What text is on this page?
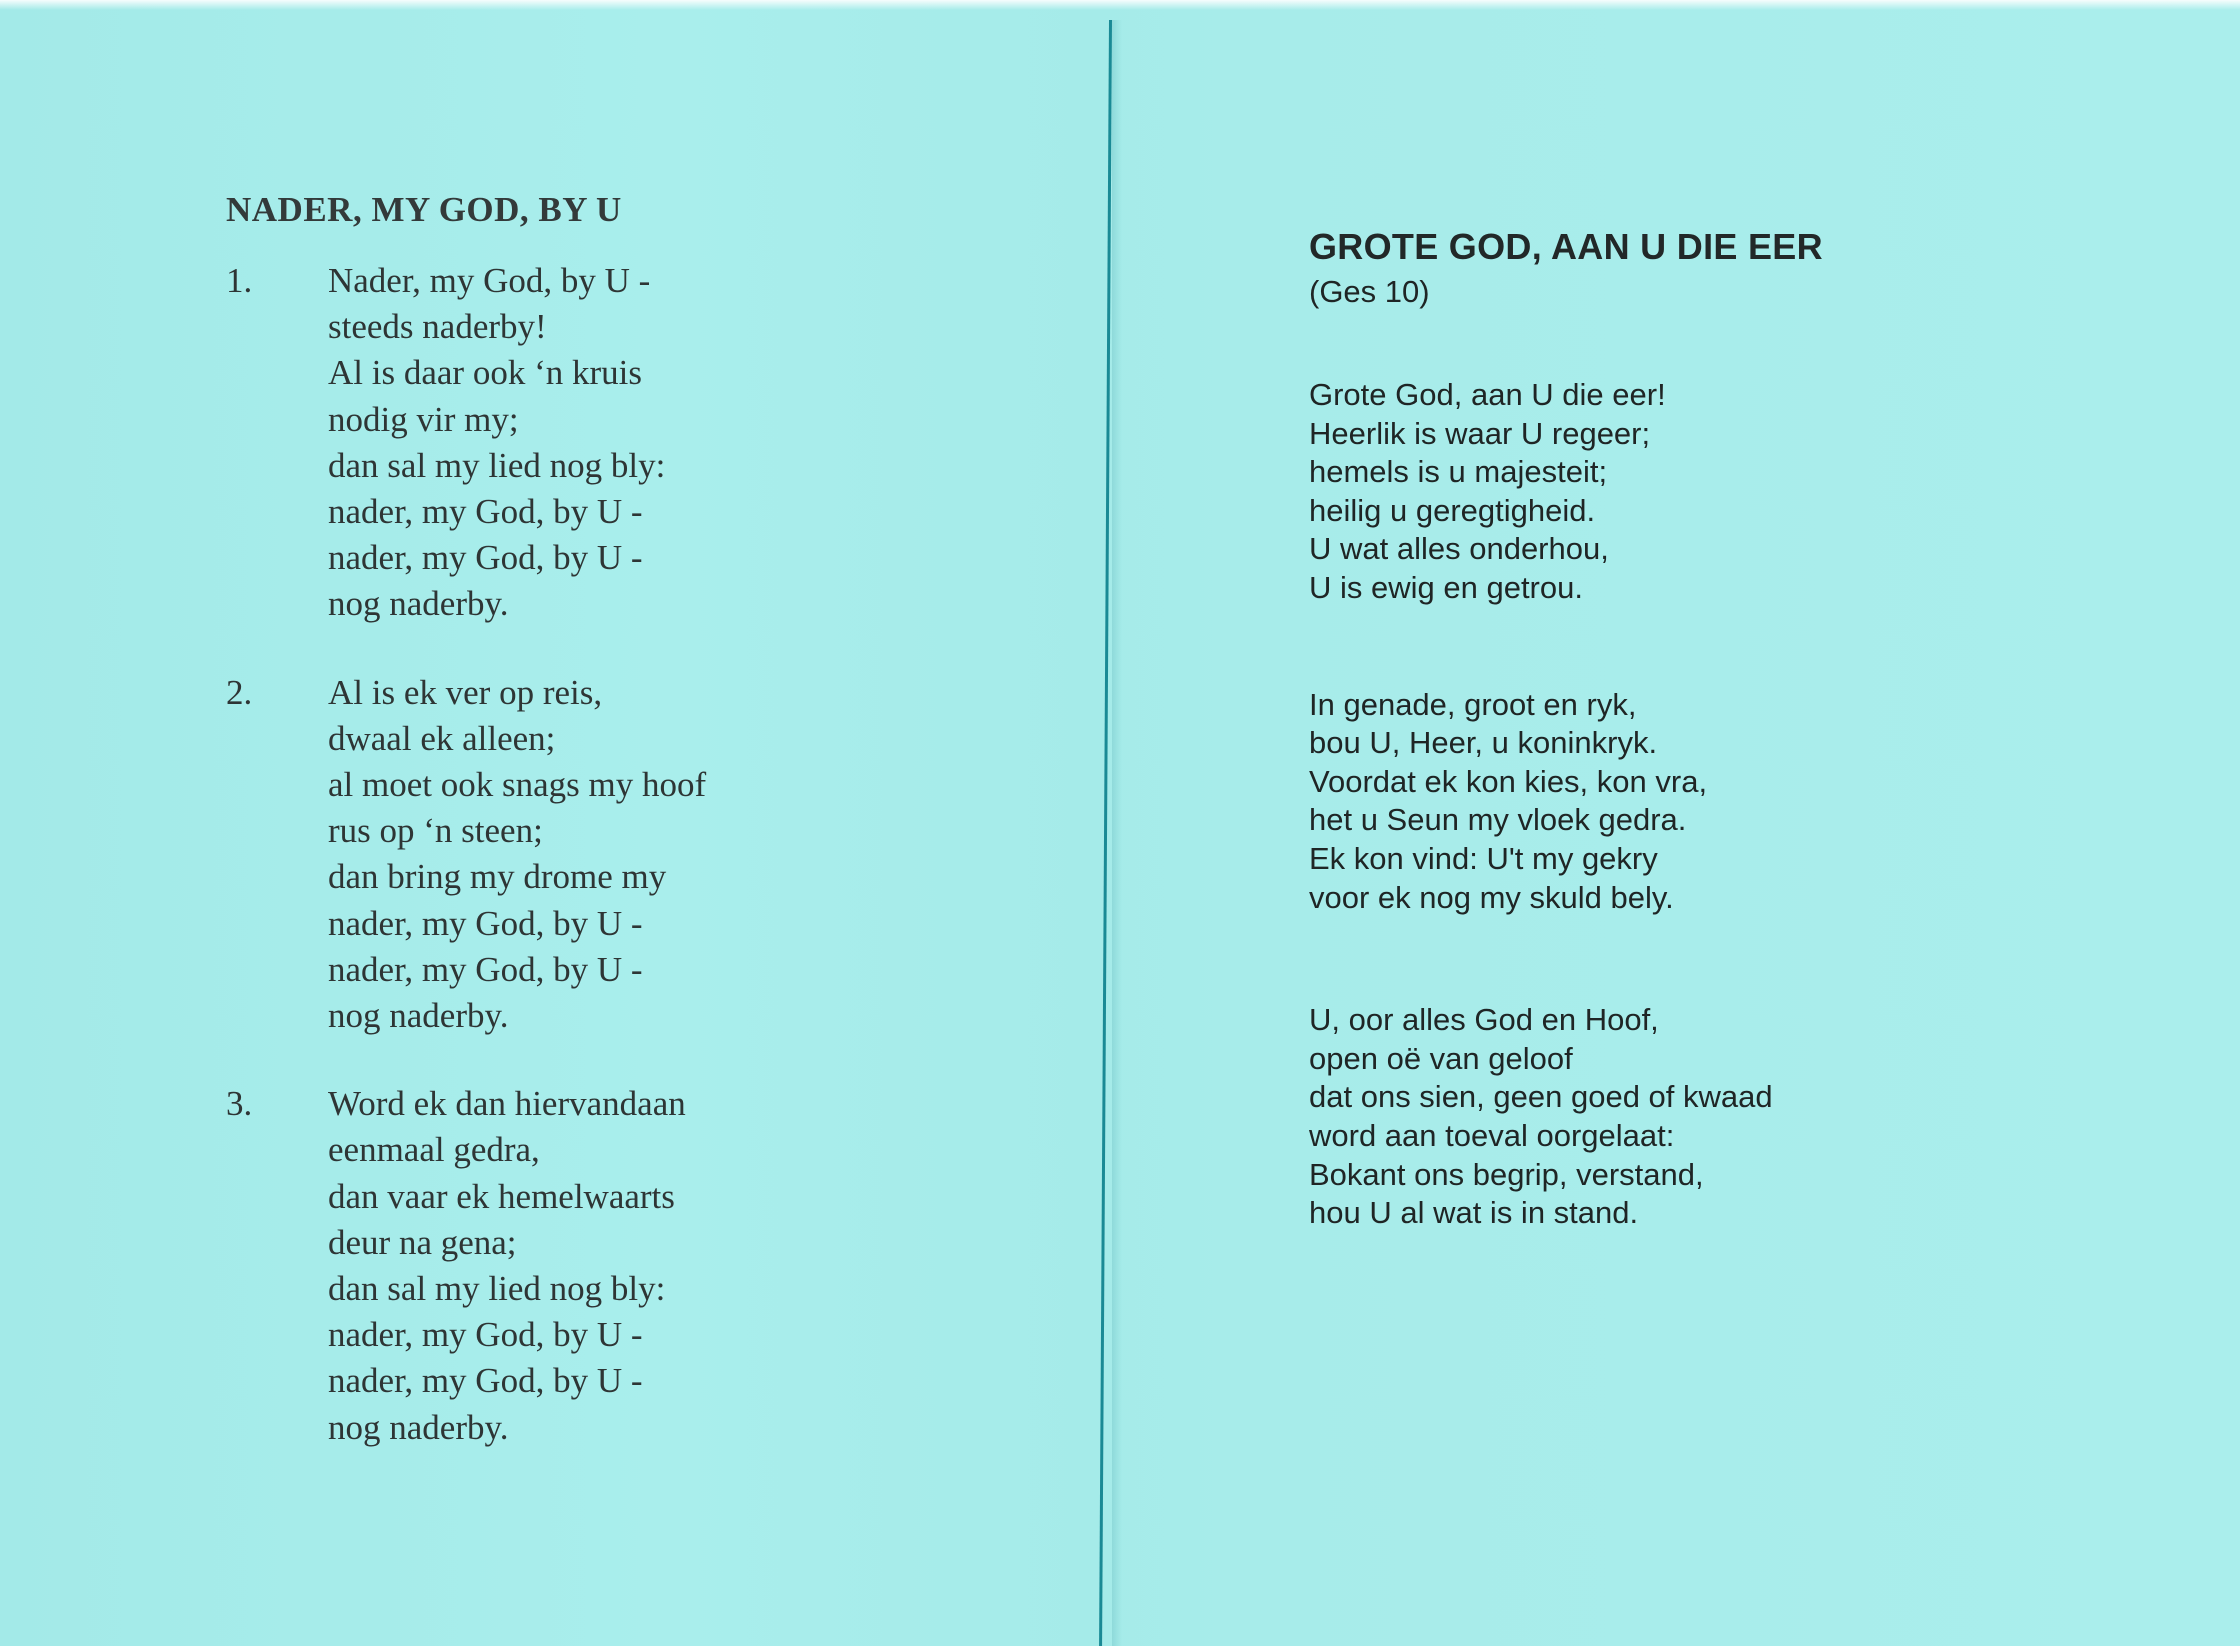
NADER, MY GOD, BY U
1.	Nader, my God, by U -
steeds naderby!
Al is daar ook ‘n kruis
nodig vir my;
dan sal my lied nog bly:
nader, my God, by U -
nader, my God, by U -
nog naderby.
2.	Al is ek ver op reis,
dwaal ek alleen;
al moet ook snags my hoof
rus op ‘n steen;
dan bring my drome my
nader, my God, by U -
nader, my God, by U -
nog naderby.
3.	Word ek dan hiervandaan
eenmaal gedra,
dan vaar ek hemelwaarts
deur na gena;
dan sal my lied nog bly:
nader, my God, by U -
nader, my God, by U -
nog naderby.
GROTE GOD, AAN U DIE EER
(Ges 10)
Grote God, aan U die eer!
Heerlik is waar U regeer;
hemels is u majesteit;
heilig u geregtigheid.
U wat alles onderhou,
U is ewig en getrou.
In genade, groot en ryk,
bou U, Heer, u koninkryk.
Voordat ek kon kies, kon vra,
het u Seun my vloek gedra.
Ek kon vind: U't my gekry
voor ek nog my skuld bely.
U, oor alles God en Hoof,
open oë van geloof
dat ons sien, geen goed of kwaad
word aan toeval oorgelaat:
Bokant ons begrip, verstand,
hou U al wat is in stand.
